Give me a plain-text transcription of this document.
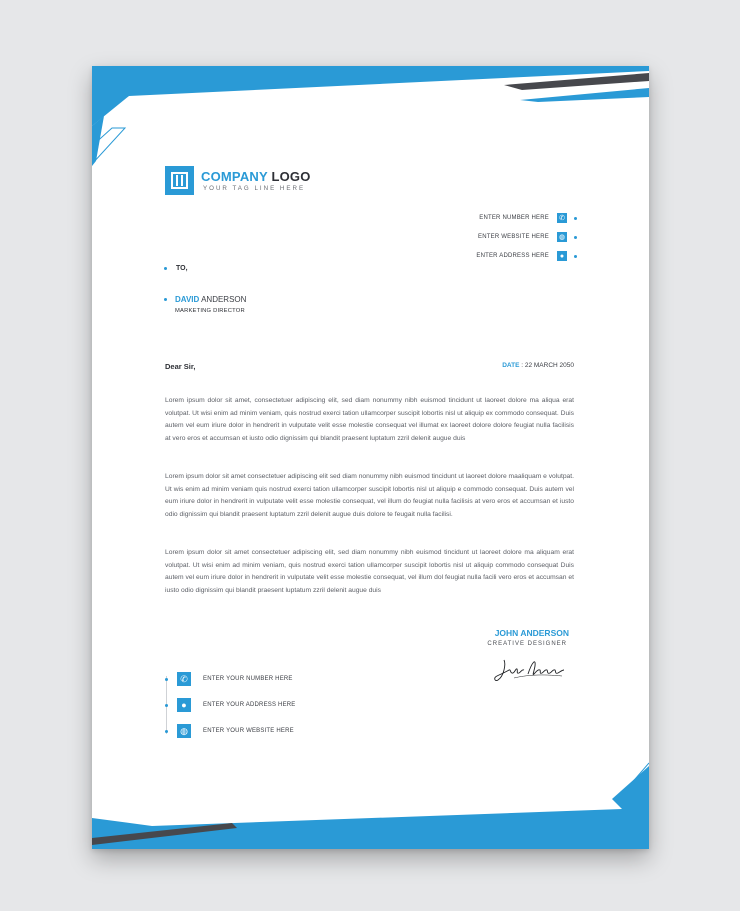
COMPANY LOGO
YOUR TAG LINE HERE
ENTER NUMBER HERE ✆
ENTER WEBSITE HERE ◍
ENTER ADDRESS HERE	●
TO,
DAVID ANDERSON
MARKETING DIRECTOR
Dear Sir,	DATE : 22 MARCH 2050

Lorem ipsum dolor sit amet, consectetuer adipiscing elit, sed diam nonummy nibh euismod tincidunt ut laoreet dolore ma aliqua erat volutpat. Ut wisi enim ad minim veniam, quis nostrud exerci tation ullamcorper suscipit lobortis nisl ut aliquip ex commodo consequat. Duis autem vel eum iriure dolor in hendrerit in vulputate velit esse molestie consequat vel illumat ex laoreet dolore dolore feugiat nulla facilisis at vero eros et accumsan et iusto odio dignissim qui blandit praesent luptatum zzril delenit augue duis

Lorem ipsum dolor sit amet consectetuer adipiscing elit sed diam nonummy nibh euismod tincidunt ut laoreet dolore maaliquam e volutpat. Ut wis enim ad minim veniam quis nostrud exerci tation ullamcorper suscipit lobortis nisl ut aliquip e commodo consequat. Duis autem vel eum iriure dolor in hendrerit in vulputate velit esse molestie consequat, vel illum do feugiat nulla facilisis at vero eros et accumsan et iusto odio dignissim qui blandit praesent luptatum zzril delenit augue duis dolore te feugait nulla facilisi.

Lorem ipsum dolor sit amet consectetuer adipiscing elit, sed diam nonummy nibh euismod tincidunt ut laoreet dolore ma aliquam erat volutpat. Ut wisi enim ad minim veniam, quis nostrud exerci tation ullamcorper suscipit lobortis nisl ut aliquip commodo consequat Duis autem vel eum iriure dolor in hendrerit in vulputate velit esse molestie consequat, vel illum dol feugiat nulla facili vero eros et accumsan et iusto odio dignissim qui blandit praesent luptatum zzril delenit augue duis

JOHN ANDERSON
CREATIVE DESIGNER
✆	ENTER YOUR NUMBER HERE
●	ENTER YOUR ADDRESS HERE
◍	ENTER YOUR WEBSITE HERE
